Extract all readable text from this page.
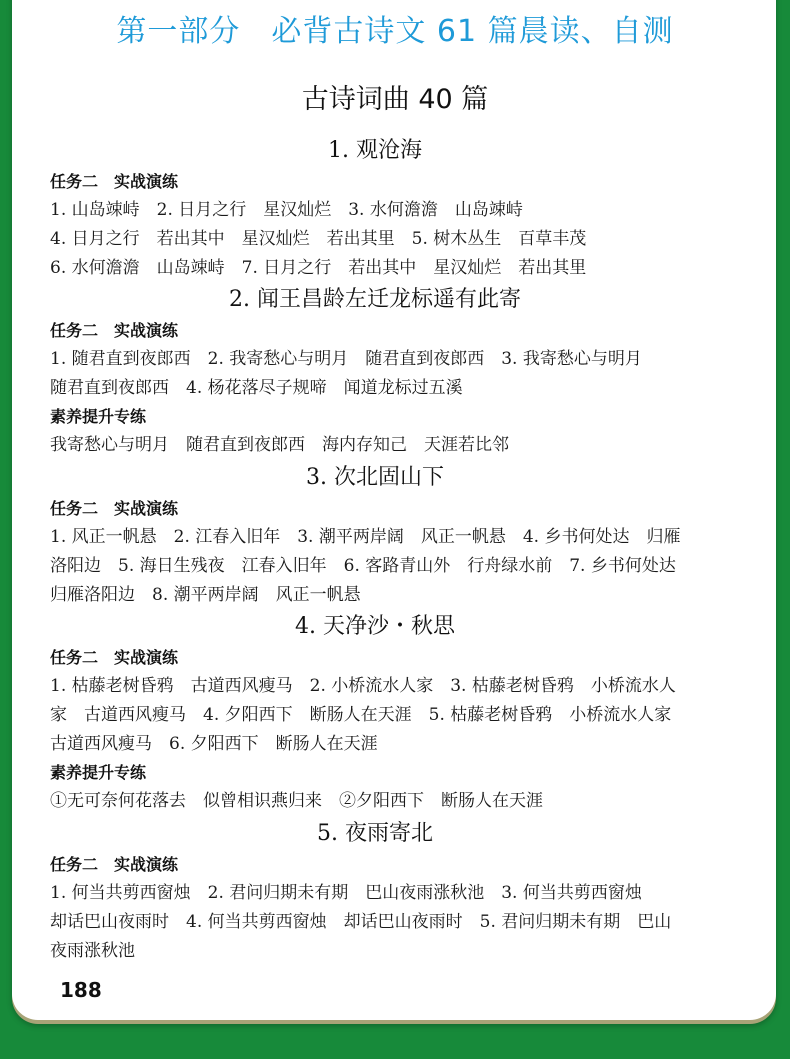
第一部分　必背古诗文 61 篇晨读、自测
古诗词曲 40 篇
1. 观沧海
任务二　实战演练
1. 山岛竦峙　2. 日月之行　星汉灿烂　3. 水何澹澹　山岛竦峙
4. 日月之行　若出其中　星汉灿烂　若出其里　5. 树木丛生　百草丰茂
6. 水何澹澹　山岛竦峙　7. 日月之行　若出其中　星汉灿烂　若出其里
2. 闻王昌龄左迁龙标遥有此寄
任务二　实战演练
1. 随君直到夜郎西　2. 我寄愁心与明月　随君直到夜郎西　3. 我寄愁心与明月
随君直到夜郎西　4. 杨花落尽子规啼　闻道龙标过五溪
素养提升专练
我寄愁心与明月　随君直到夜郎西　海内存知己　天涯若比邻
3. 次北固山下
任务二　实战演练
1. 风正一帆悬　2. 江春入旧年　3. 潮平两岸阔　风正一帆悬　4. 乡书何处达　归雁
洛阳边　5. 海日生残夜　江春入旧年　6. 客路青山外　行舟绿水前　7. 乡书何处达
归雁洛阳边　8. 潮平两岸阔　风正一帆悬
4. 天净沙・秋思
任务二　实战演练
1. 枯藤老树昏鸦　古道西风瘦马　2. 小桥流水人家　3. 枯藤老树昏鸦　小桥流水人
家　古道西风瘦马　4. 夕阳西下　断肠人在天涯　5. 枯藤老树昏鸦　小桥流水人家
古道西风瘦马　6. 夕阳西下　断肠人在天涯
素养提升专练
①无可奈何花落去　似曾相识燕归来　②夕阳西下　断肠人在天涯
5. 夜雨寄北
任务二　实战演练
1. 何当共剪西窗烛　2. 君问归期未有期　巴山夜雨涨秋池　3. 何当共剪西窗烛
却话巴山夜雨时　4. 何当共剪西窗烛　却话巴山夜雨时　5. 君问归期未有期　巴山
夜雨涨秋池
188
